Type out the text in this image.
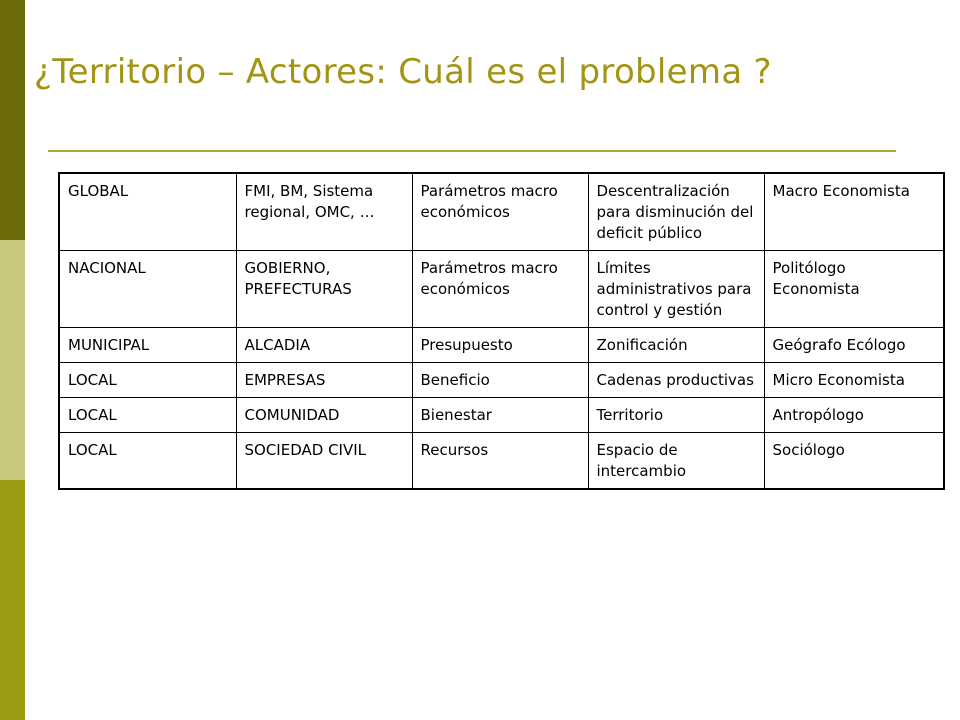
¿Territorio – Actores: Cuál es el problema ?
GLOBAL	FMI, BM, Sistema regional, OMC, …	Parámetros macro económicos	Descentralización para disminución del deficit público	Macro Economista
NACIONAL	GOBIERNO, PREFECTURAS	Parámetros macro económicos	Límites administrativos para control y gestión	Politólogo Economista
MUNICIPAL	ALCADIA	Presupuesto	Zonificación	Geógrafo Ecólogo
LOCAL	EMPRESAS	Beneficio	Cadenas productivas	Micro Economista
LOCAL	COMUNIDAD	Bienestar	Territorio	Antropólogo
LOCAL	SOCIEDAD CIVIL	Recursos	Espacio de intercambio	Sociólogo
